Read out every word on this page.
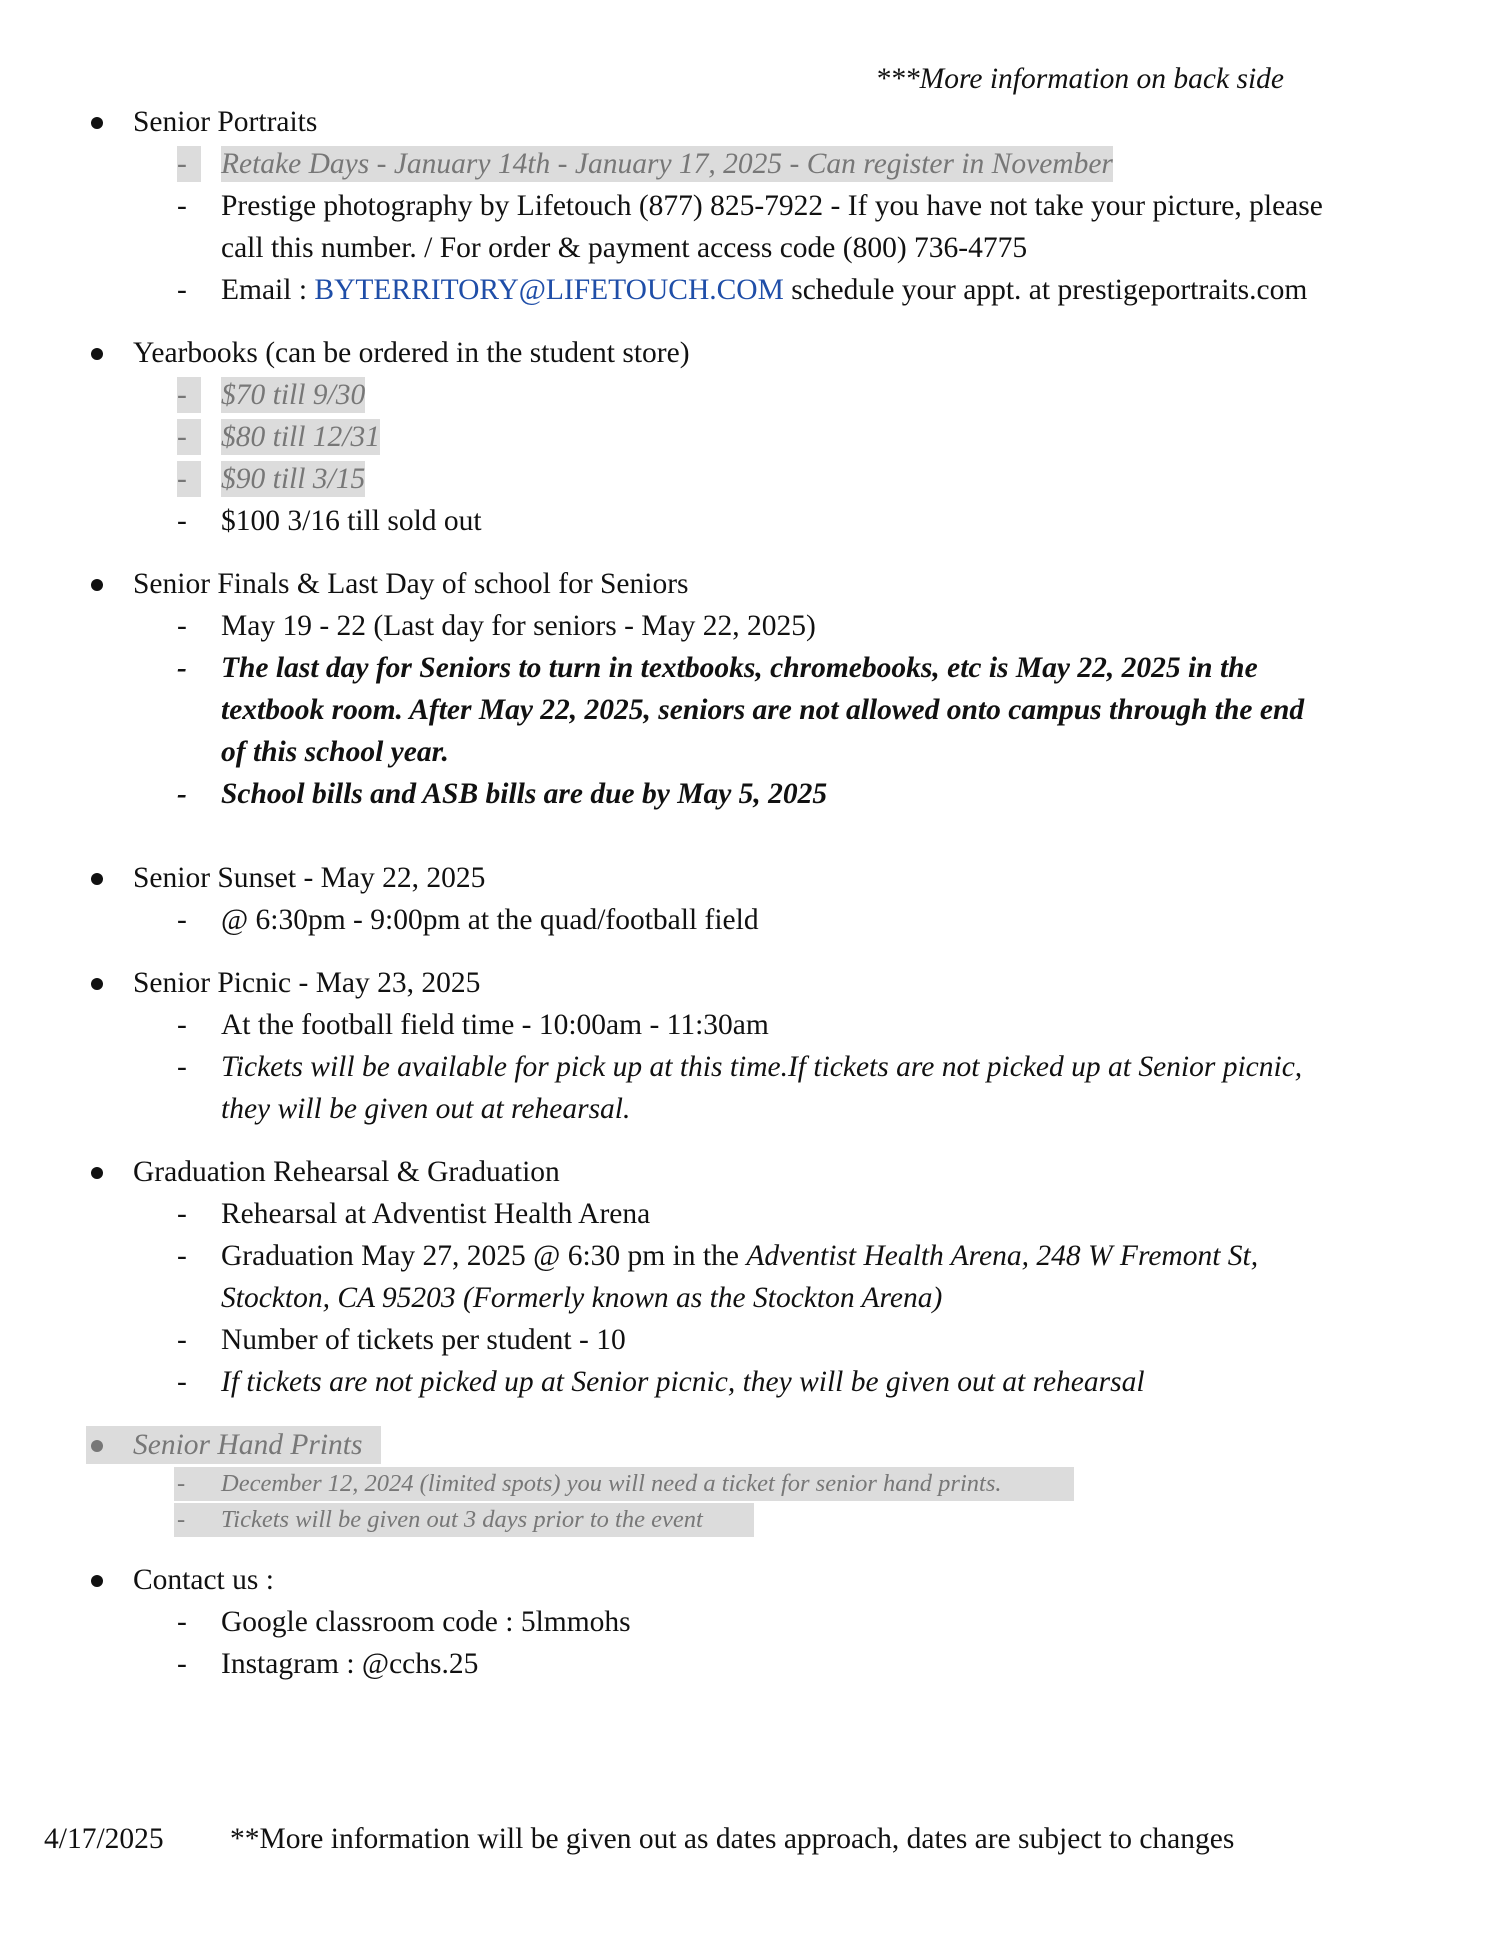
***More information on back side
Senior Portraits
-	Retake Days - January 14th - January 17, 2025 - Can register in November
- Prestige photography by Lifetouch (877) 825-7922 - If you have not take your picture, please call this number. / For order & payment access code (800) 736-4775
- Email : BYTERRITORY@LIFETOUCH.COM schedule your appt. at prestigeportraits.com
Yearbooks (can be ordered in the student store)
-	$70 till 9/30
-	$80 till 12/31
-	$90 till 3/15
- $100 3/16 till sold out
Senior Finals & Last Day of school for Seniors
- May 19 - 22 (Last day for seniors - May 22, 2025)
- The last day for Seniors to turn in textbooks, chromebooks, etc is May 22, 2025 in the textbook room. After May 22, 2025, seniors are not allowed onto campus through the end of this school year.
- School bills and ASB bills are due by May 5, 2025
Senior Sunset - May 22, 2025
- @ 6:30pm - 9:00pm at the quad/football field
Senior Picnic - May 23, 2025
- At the football field time - 10:00am - 11:30am
- Tickets will be available for pick up at this time.If tickets are not picked up at Senior picnic, they will be given out at rehearsal.
Graduation Rehearsal & Graduation
- Rehearsal at Adventist Health Arena
- Graduation May 27, 2025 @ 6:30 pm in the Adventist Health Arena, 248 W Fremont St, Stockton, CA 95203 (Formerly known as the Stockton Arena)
- Number of tickets per student - 10
- If tickets are not picked up at Senior picnic, they will be given out at rehearsal
Senior Hand Prints
- December 12, 2024 (limited spots) you will need a ticket for senior hand prints.
- Tickets will be given out 3 days prior to the event
Contact us :
- Google classroom code : 5lmmohs
- Instagram : @cchs.25
4/17/2025 **More information will be given out as dates approach, dates are subject to changes
